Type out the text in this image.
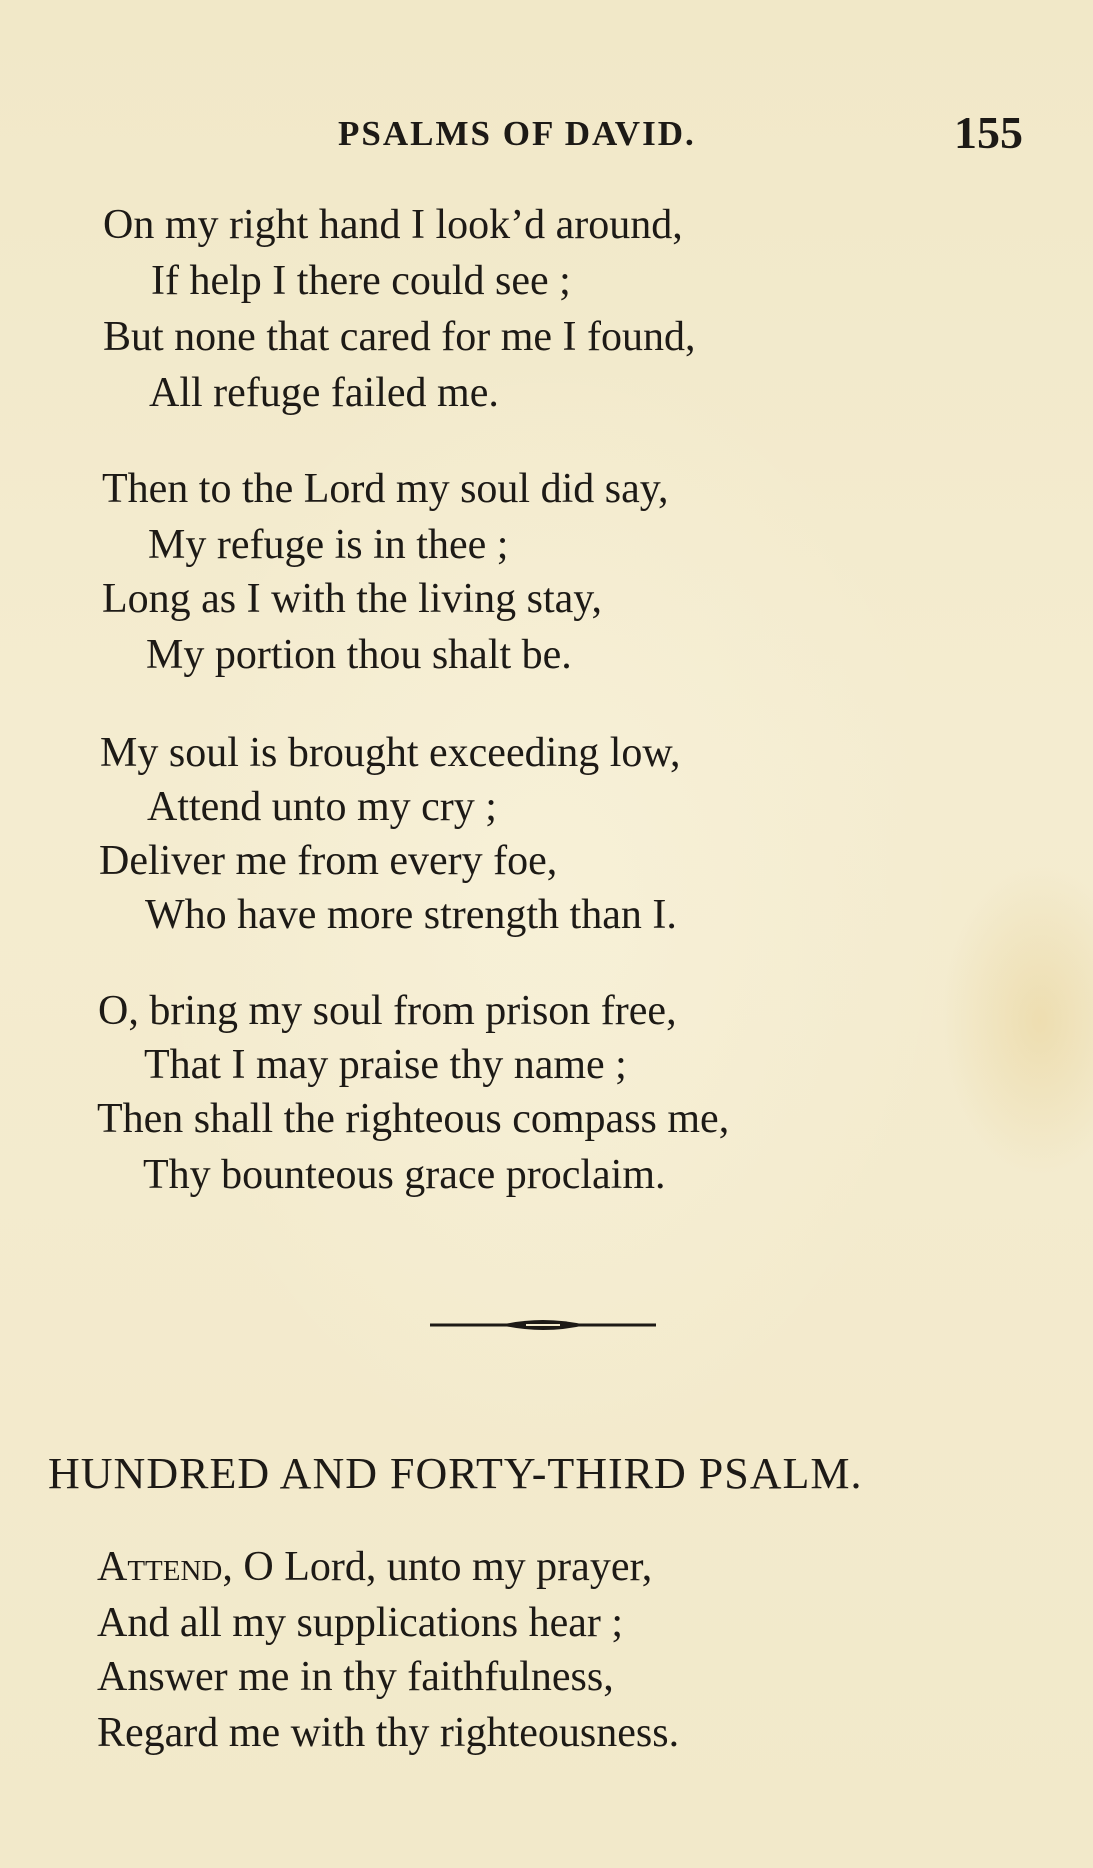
PSALMS OF DAVID.	155
On my right hand I look’d around,
If help I there could see ;
But none that cared for me I found,
All refuge failed me.
Then to the Lord my soul did say,
My refuge is in thee ;
Long as I with the living stay,
My portion thou shalt be.
My soul is brought exceeding low,
Attend unto my cry ;
Deliver me from every foe,
Who have more strength than I.
O, bring my soul from prison free,
That I may praise thy name ;
Then shall the righteous compass me,
Thy bounteous grace proclaim.
HUNDRED AND FORTY-THIRD PSALM.
Attend, O Lord, unto my prayer,
And all my supplications hear ;
Answer me in thy faithfulness,
Regard me with thy righteousness.
